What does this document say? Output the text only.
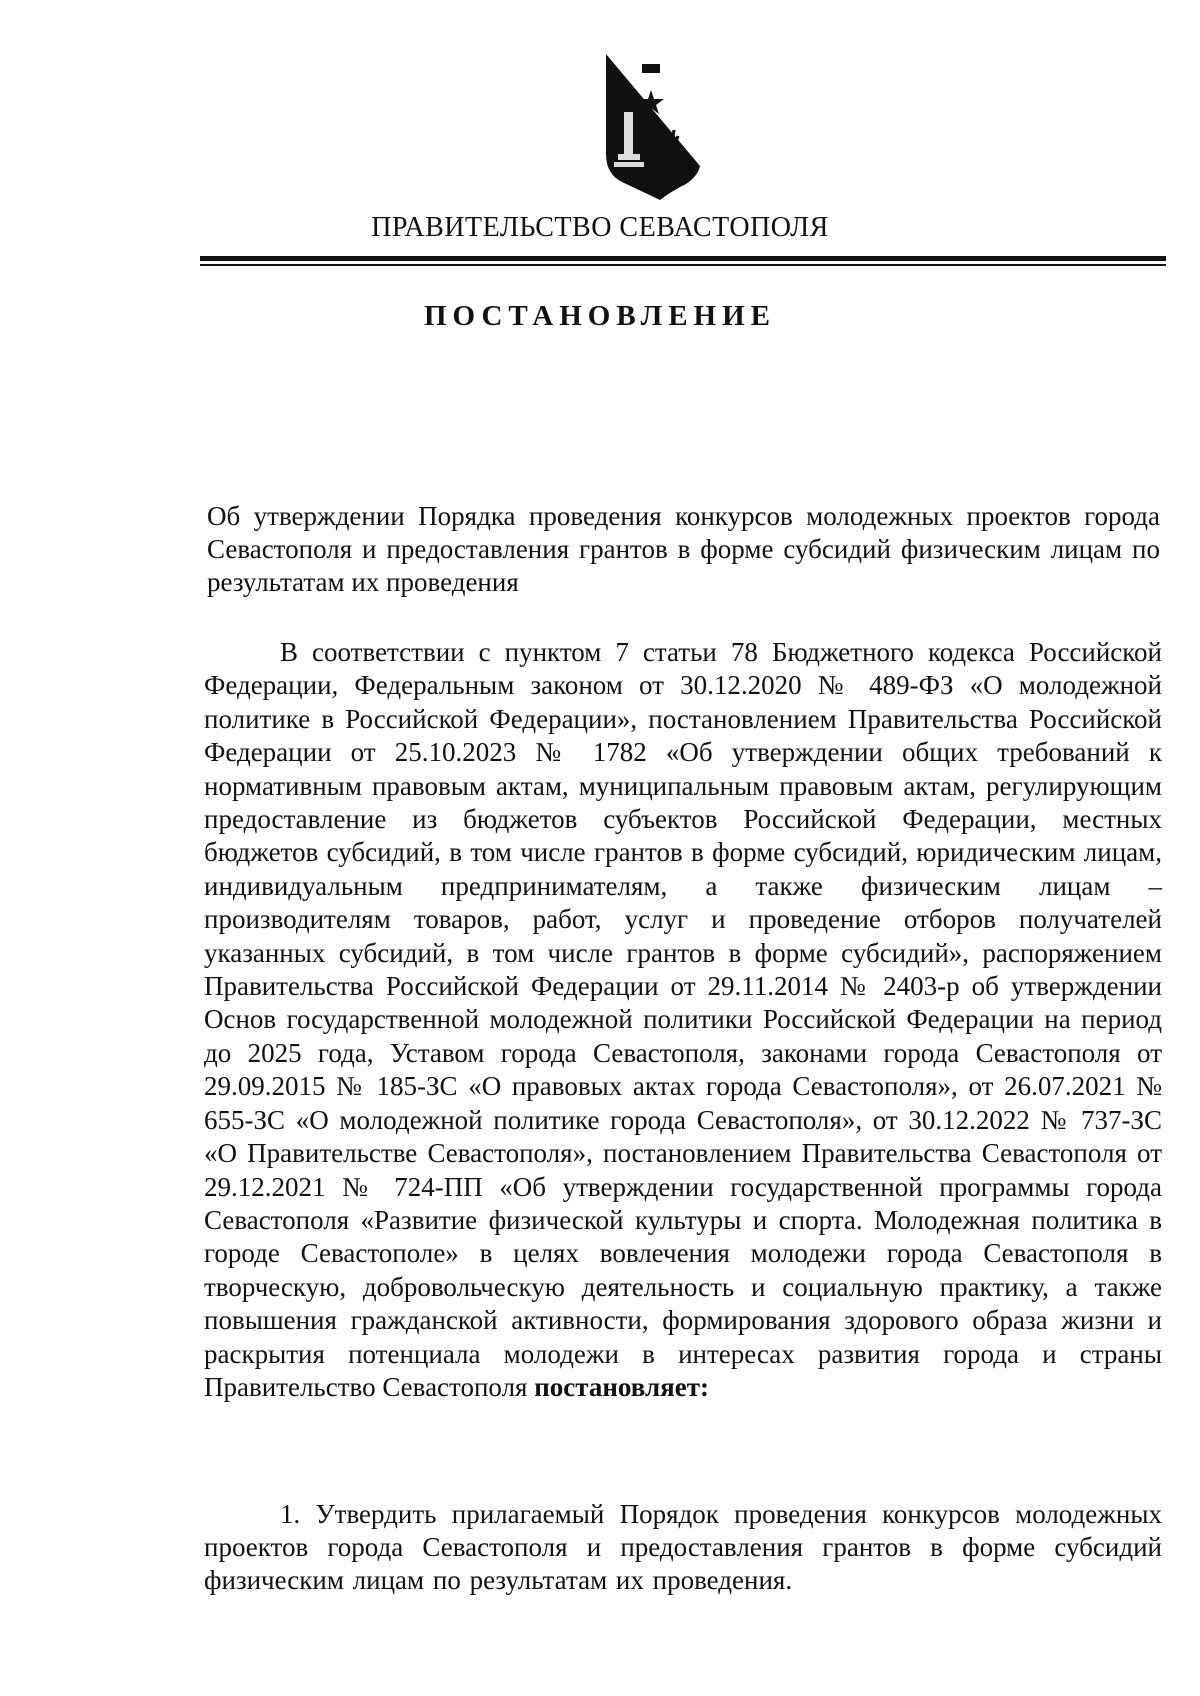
ПРАВИТЕЛЬСТВО СЕВАСТОПОЛЯ
ПОСТАНОВЛЕНИЕ
Об утверждении Порядка проведения конкурсов молодежных проектов города Севастополя и предоставления грантов в форме субсидий физическим лицам по результатам их проведения

В соответствии с пунктом 7 статьи 78 Бюджетного кодекса Российской Федерации, Федеральным законом от 30.12.2020 № 489-ФЗ «О молодежной политике в Российской Федерации», постановлением Правительства Российской Федерации от 25.10.2023 № 1782 «Об утверждении общих требований к нормативным правовым актам, муниципальным правовым актам, регулирующим предоставление из бюджетов субъектов Российской Федерации, местных бюджетов субсидий, в том числе грантов в форме субсидий, юридическим лицам, индивидуальным предпринимателям, а также физическим лицам – производителям товаров, работ, услуг и проведение отборов получателей указанных субсидий, в том числе грантов в форме субсидий», распоряжением Правительства Российской Федерации от 29.11.2014 № 2403-р об утверждении Основ государственной молодежной политики Российской Федерации на период до 2025 года, Уставом города Севастополя, законами города Севастополя от 29.09.2015 № 185-ЗС «О правовых актах города Севастополя», от 26.07.2021 № 655-ЗС «О молодежной политике города Севастополя», от 30.12.2022 № 737-ЗС «О Правительстве Севастополя», постановлением Правительства Севастополя от 29.12.2021 № 724-ПП «Об утверждении государственной программы города Севастополя «Развитие физической культуры и спорта. Молодежная политика в городе Севастополе» в целях вовлечения молодежи города Севастополя в творческую, добровольческую деятельность и социальную практику, а также повышения гражданской активности, формирования здорового образа жизни и раскрытия потенциала молодежи в интересах развития города и страны Правительство Севастополя постановляет:

1. Утвердить прилагаемый Порядок проведения конкурсов молодежных проектов города Севастополя и предоставления грантов в форме субсидий физическим лицам по результатам их проведения.
